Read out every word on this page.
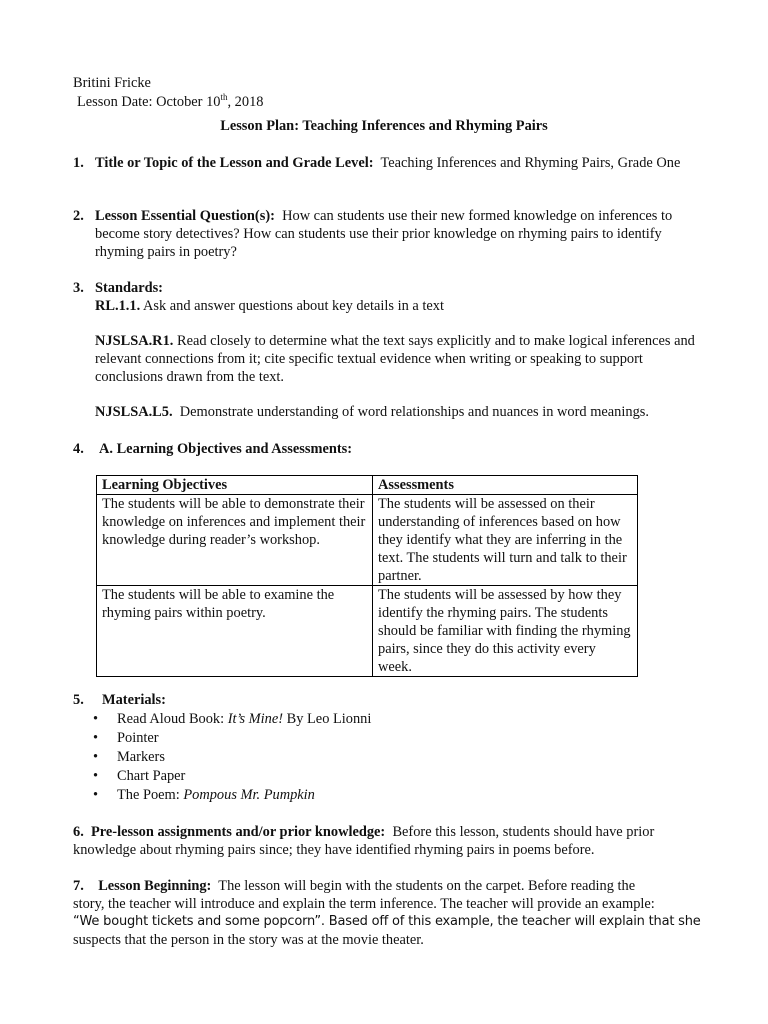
Britini Fricke
Lesson Date: October 10th, 2018
Lesson Plan: Teaching Inferences and Rhyming Pairs
1. Title or Topic of the Lesson and Grade Level: Teaching Inferences and Rhyming Pairs, Grade One

2. Lesson Essential Question(s): How can students use their new formed knowledge on inferences to become story detectives? How can students use their prior knowledge on rhyming pairs to identify rhyming pairs in poetry?

3. Standards:

RL.1.1. Ask and answer questions about key details in a text

NJSLSA.R1. Read closely to determine what the text says explicitly and to make logical inferences and relevant connections from it; cite specific textual evidence when writing or speaking to support conclusions drawn from the text.

NJSLSA.L5. Demonstrate understanding of word relationships and nuances in word meanings.

4. A. Learning Objectives and Assessments:

Learning Objectives	Assessments
The students will be able to demonstrate their knowledge on inferences and implement their knowledge during reader’s workshop.	The students will be assessed on their understanding of inferences based on how they identify what they are inferring in the text. The students will turn and talk to their partner.
The students will be able to examine the rhyming pairs within poetry.	The students will be assessed by how they identify the rhyming pairs. The students should be familiar with finding the rhyming pairs, since they do this activity every week.
5. Materials:

• Read Aloud Book: It’s Mine! By Leo Lionni
• Pointer
• Markers
• Chart Paper
• The Poem: Pompous Mr. Pumpkin

6. Pre-lesson assignments and/or prior knowledge: Before this lesson, students should have prior

knowledge about rhyming pairs since; they have identified rhyming pairs in poems before.

7. Lesson Beginning: The lesson will begin with the students on the carpet. Before reading the

story, the teacher will introduce and explain the term inference. The teacher will provide an example:

“We bought tickets and some popcorn”. Based off of this example, the teacher will explain that she

suspects that the person in the story was at the movie theater.
